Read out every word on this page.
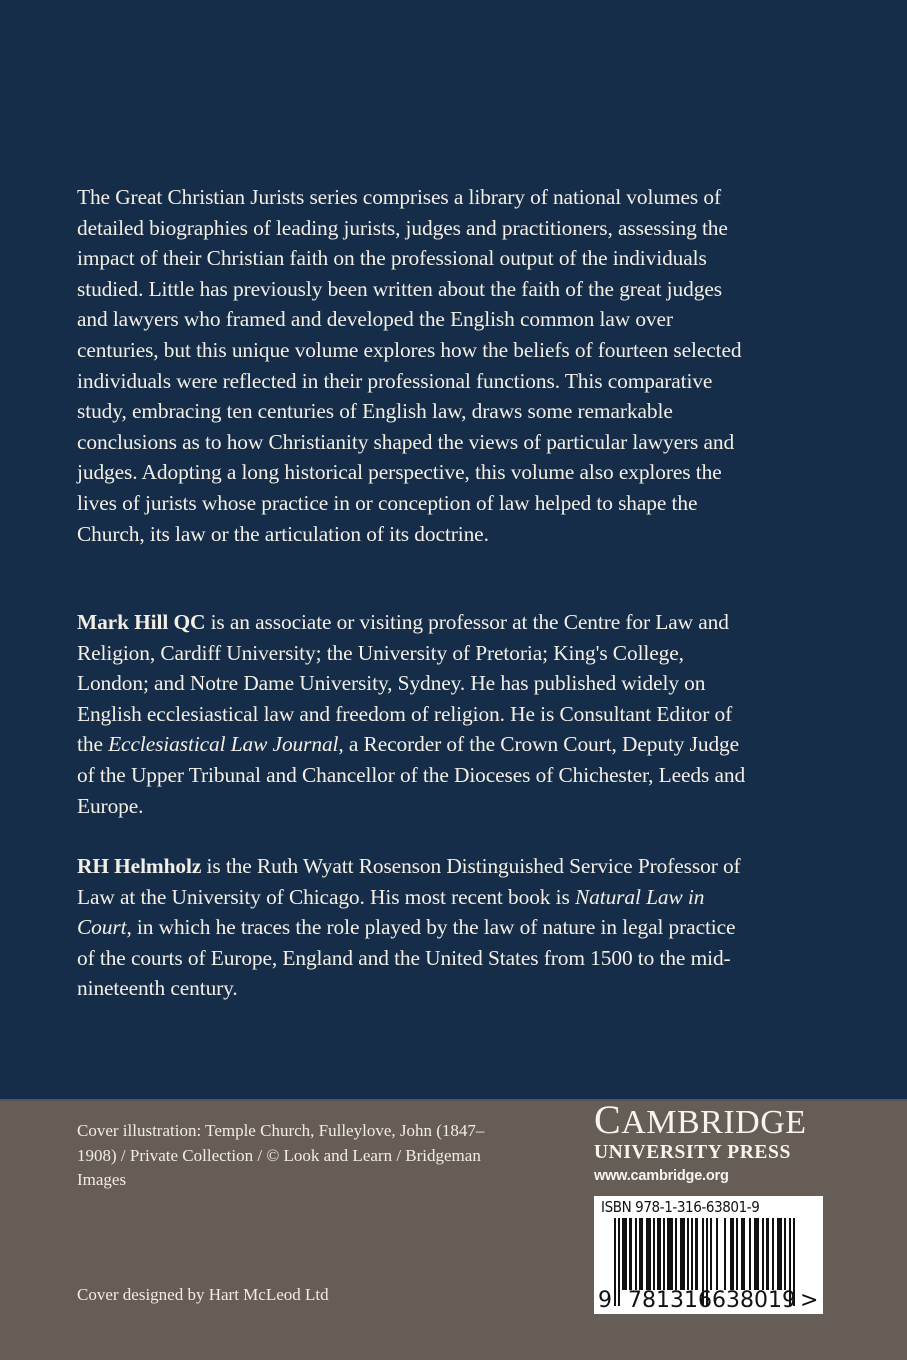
The Great Christian Jurists series comprises a library of national volumes of detailed biographies of leading jurists, judges and practitioners, assessing the impact of their Christian faith on the professional output of the individuals studied. Little has previously been written about the faith of the great judges and lawyers who framed and developed the English common law over centuries, but this unique volume explores how the beliefs of fourteen selected individuals were reflected in their professional functions. This comparative study, embracing ten centuries of English law, draws some remarkable conclusions as to how Christianity shaped the views of particular lawyers and judges. Adopting a long historical perspective, this volume also explores the lives of jurists whose practice in or conception of law helped to shape the Church, its law or the articulation of its doctrine.

Mark Hill QC is an associate or visiting professor at the Centre for Law and Religion, Cardiff University; the University of Pretoria; King's College, London; and Notre Dame University, Sydney. He has published widely on English ecclesiastical law and freedom of religion. He is Consultant Editor of the Ecclesiastical Law Journal, a Recorder of the Crown Court, Deputy Judge of the Upper Tribunal and Chancellor of the Dioceses of Chichester, Leeds and Europe.

RH Helmholz is the Ruth Wyatt Rosenson Distinguished Service Professor of Law at the University of Chicago. His most recent book is Natural Law in Court, in which he traces the role played by the law of nature in legal practice of the courts of Europe, England and the United States from 1500 to the mid-nineteenth century.

Cover illustration: Temple Church, Fulleylove, John (1847–1908) / Private Collection / © Look and Learn / Bridgeman Images
Cover designed by Hart McLeod Ltd
CAMBRIDGE
UNIVERSITY PRESS
www.cambridge.org
ISBN 978-1-316-63801-9
9 781316 638019 >
